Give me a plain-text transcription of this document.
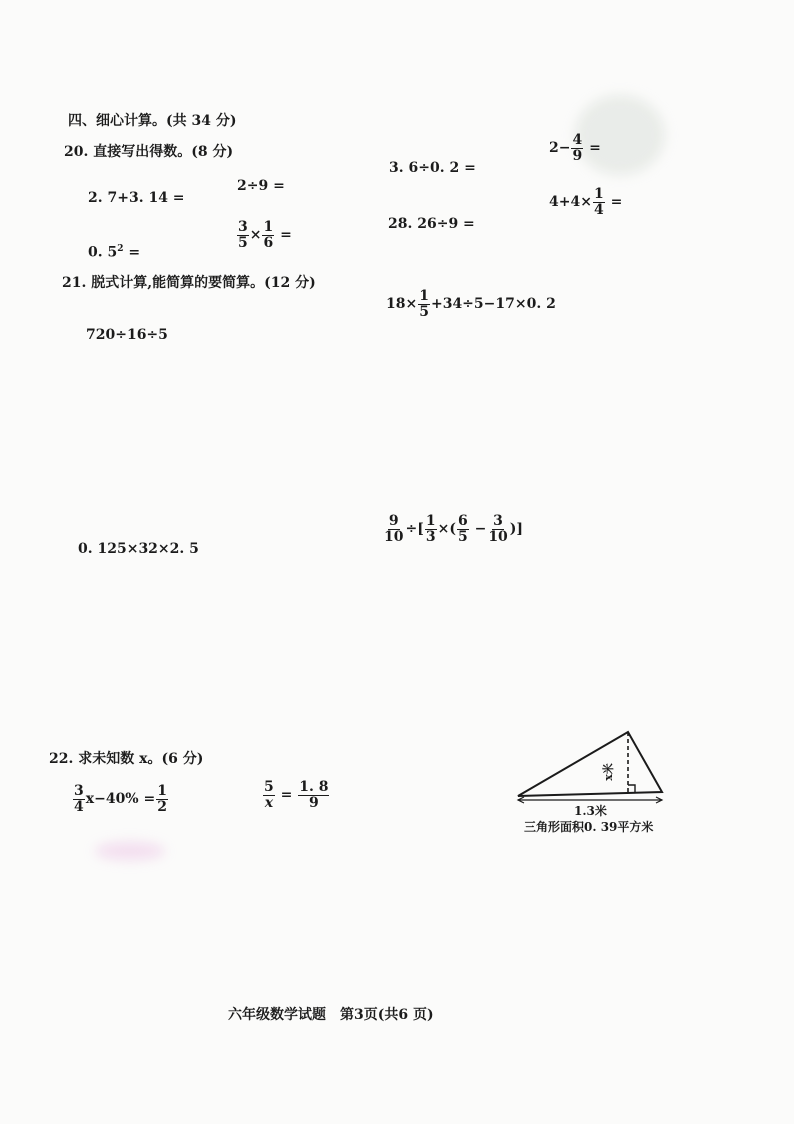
四、细心计算。(共 34 分)
20. 直接写出得数。(8 分)
2. 7+3. 14 =
2÷9 =
3. 6÷0. 2 =
$2- \frac{4}{9}$ =
0. $5^2$ =
$\frac{3}{5} \times \frac{1}{6}$ =
28. 26÷9 =
$4+4\times \frac{1}{4}$ =
21. 脱式计算,能简算的要简算。(12 分)
720÷16÷5
$18\times \frac{1}{5} +34\div 5-17\times 0$. 2
0. 125×32×2. 5
$\frac{9}{10}$ ÷[ $\frac{1}{3}$ ×( $\frac{6}{5} - \frac{3}{10}$ )]
22. 求未知数 x。(6 分)
$\frac{3}{4} x-40\% = \frac{1}{2}$	$\frac{5}{x} = \frac{1. 8}{9}$
x米
1.3米
三角形面积0. 39平方米
六年级数学试题　第3页(共6 页)
